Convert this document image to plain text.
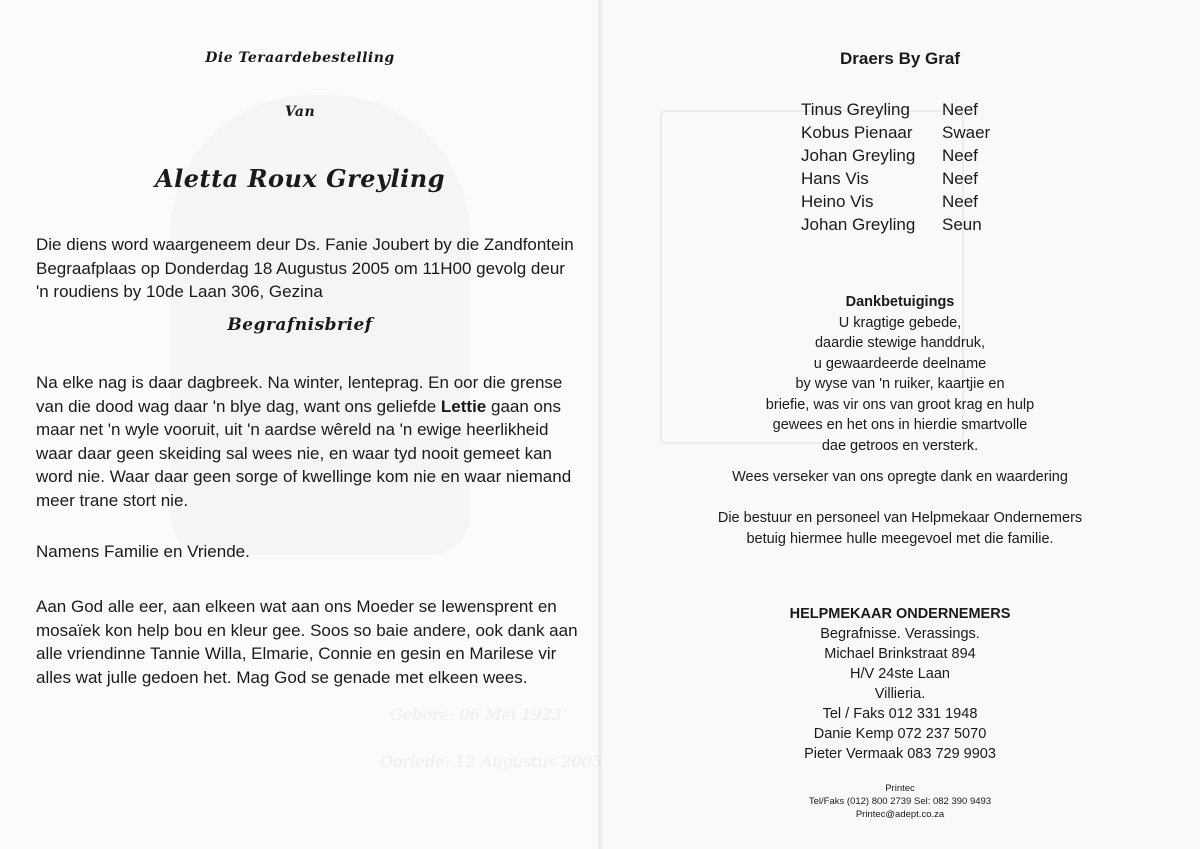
Gebore: 06 Mei 1923
Oorlede: 12 Augustus 2005
Die Teraardebestelling
Van
Aletta Roux Greyling
Die diens word waargeneem deur Ds. Fanie Joubert by die Zandfontein
Begraafplaas op Donderdag 18 Augustus 2005 om 11H00 gevolg deur
'n roudiens by 10de Laan 306, Gezina
Begrafnisbrief
Na elke nag is daar dagbreek. Na winter, lenteprag. En oor die grense
van die dood wag daar 'n blye dag, want ons geliefde Lettie gaan ons
maar net 'n wyle vooruit, uit 'n aardse wêreld na 'n ewige heerlikheid
waar daar geen skeiding sal wees nie, en waar tyd nooit gemeet kan
word nie. Waar daar geen sorge of kwellinge kom nie en waar niemand
meer trane stort nie.
Namens Familie en Vriende.
Aan God alle eer, aan elkeen wat aan ons Moeder se lewensprent en
mosaïek kon help bou en kleur gee. Soos so baie andere, ook dank aan
alle vriendinne Tannie Willa, Elmarie, Connie en gesin en Marilese vir
alles wat julle gedoen het. Mag God se genade met elkeen wees.
Draers By Graf
Tinus Greyling Neef
Kobus Pienaar Swaer
Johan Greyling Neef
Hans Vis	Neef
Heino Vis	Neef
Johan Greyling Seun
Dankbetuigings
U kragtige gebede,
daardie stewige handdruk,
u gewaardeerde deelname
by wyse van 'n ruiker, kaartjie en
briefie, was vir ons van groot krag en hulp
gewees en het ons in hierdie smartvolle
dae getroos en versterk.
Wees verseker van ons opregte dank en waardering
Die bestuur en personeel van Helpmekaar Ondernemers
betuig hiermee hulle meegevoel met die familie.
HELPMEKAAR ONDERNEMERS
Begrafnisse. Verassings.
Michael Brinkstraat 894
H/V 24ste Laan
Villieria.
Tel / Faks 012 331 1948
Danie Kemp 072 237 5070
Pieter Vermaak 083 729 9903
Printec
Tel/Faks (012) 800 2739 Sel: 082 390 9493
Printec@adept.co.za
